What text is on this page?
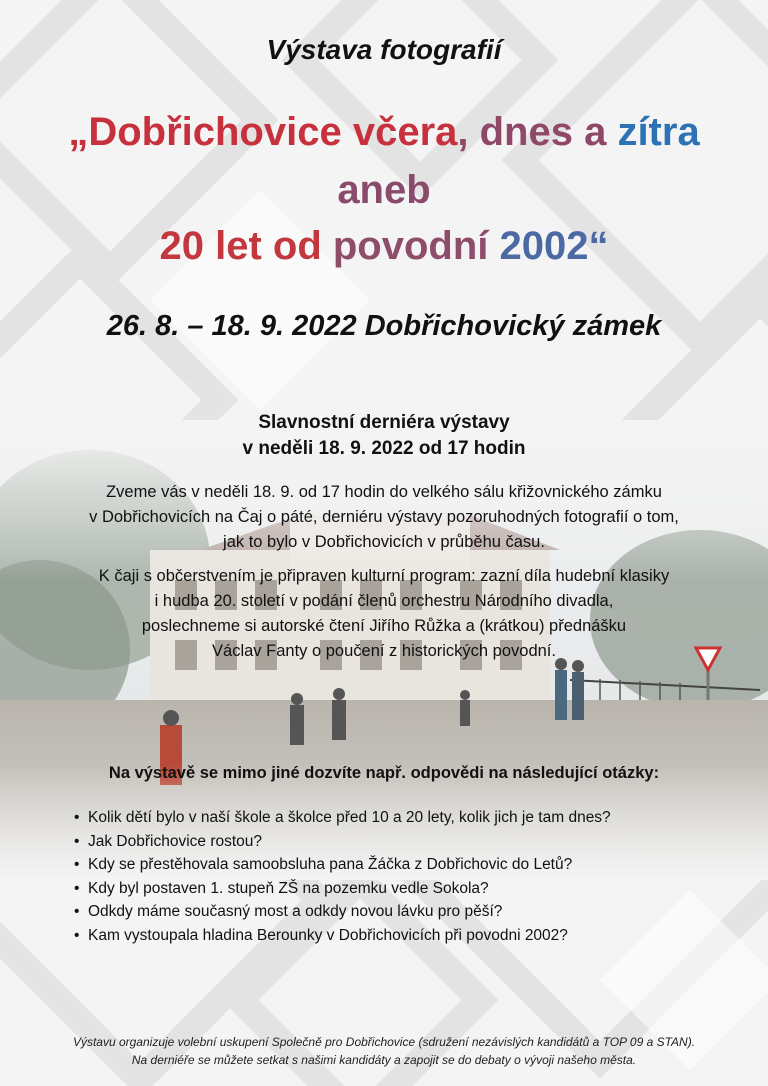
Výstava fotografií
„Dobřichovice včera, dnes a zítra
aneb
20 let od povodní 2002“
26. 8. – 18. 9. 2022 Dobřichovický zámek
Slavnostní derniéra výstavy
v neděli 18. 9. 2022 od 17 hodin
Zveme vás v neděli 18. 9. od 17 hodin do velkého sálu křižovnického zámku
v Dobřichovicích na Čaj o páté, derniéru výstavy pozoruhodných fotografií o tom,
jak to bylo v Dobřichovicích v průběhu času.
K čaji s občerstvením je připraven kulturní program: zazní díla hudební klasiky
i hudba 20. století v podání členů orchestru Národního divadla,
poslechneme si autorské čtení Jiřího Růžka a (krátkou) přednášku
Václav Fanty o poučení z historických povodní.
Na výstavě se mimo jiné dozvíte např. odpovědi na následující otázky:
• Kolik dětí bylo v naší škole a školce před 10 a 20 lety, kolik jich je tam dnes?
• Jak Dobřichovice rostou?
• Kdy se přestěhovala samoobsluha pana Žáčka z Dobřichovic do Letů?
• Kdy byl postaven 1. stupeň ZŠ na pozemku vedle Sokola?
• Odkdy máme současný most a odkdy novou lávku pro pěší?
• Kam vystoupala hladina Berounky v Dobřichovicích při povodni 2002?
Výstavu organizuje volební uskupení Společně pro Dobřichovice (sdružení nezávislých kandidátů a TOP 09 a STAN).
Na derniéře se můžete setkat s našimi kandidáty a zapojit se do debaty o vývoji našeho města.
